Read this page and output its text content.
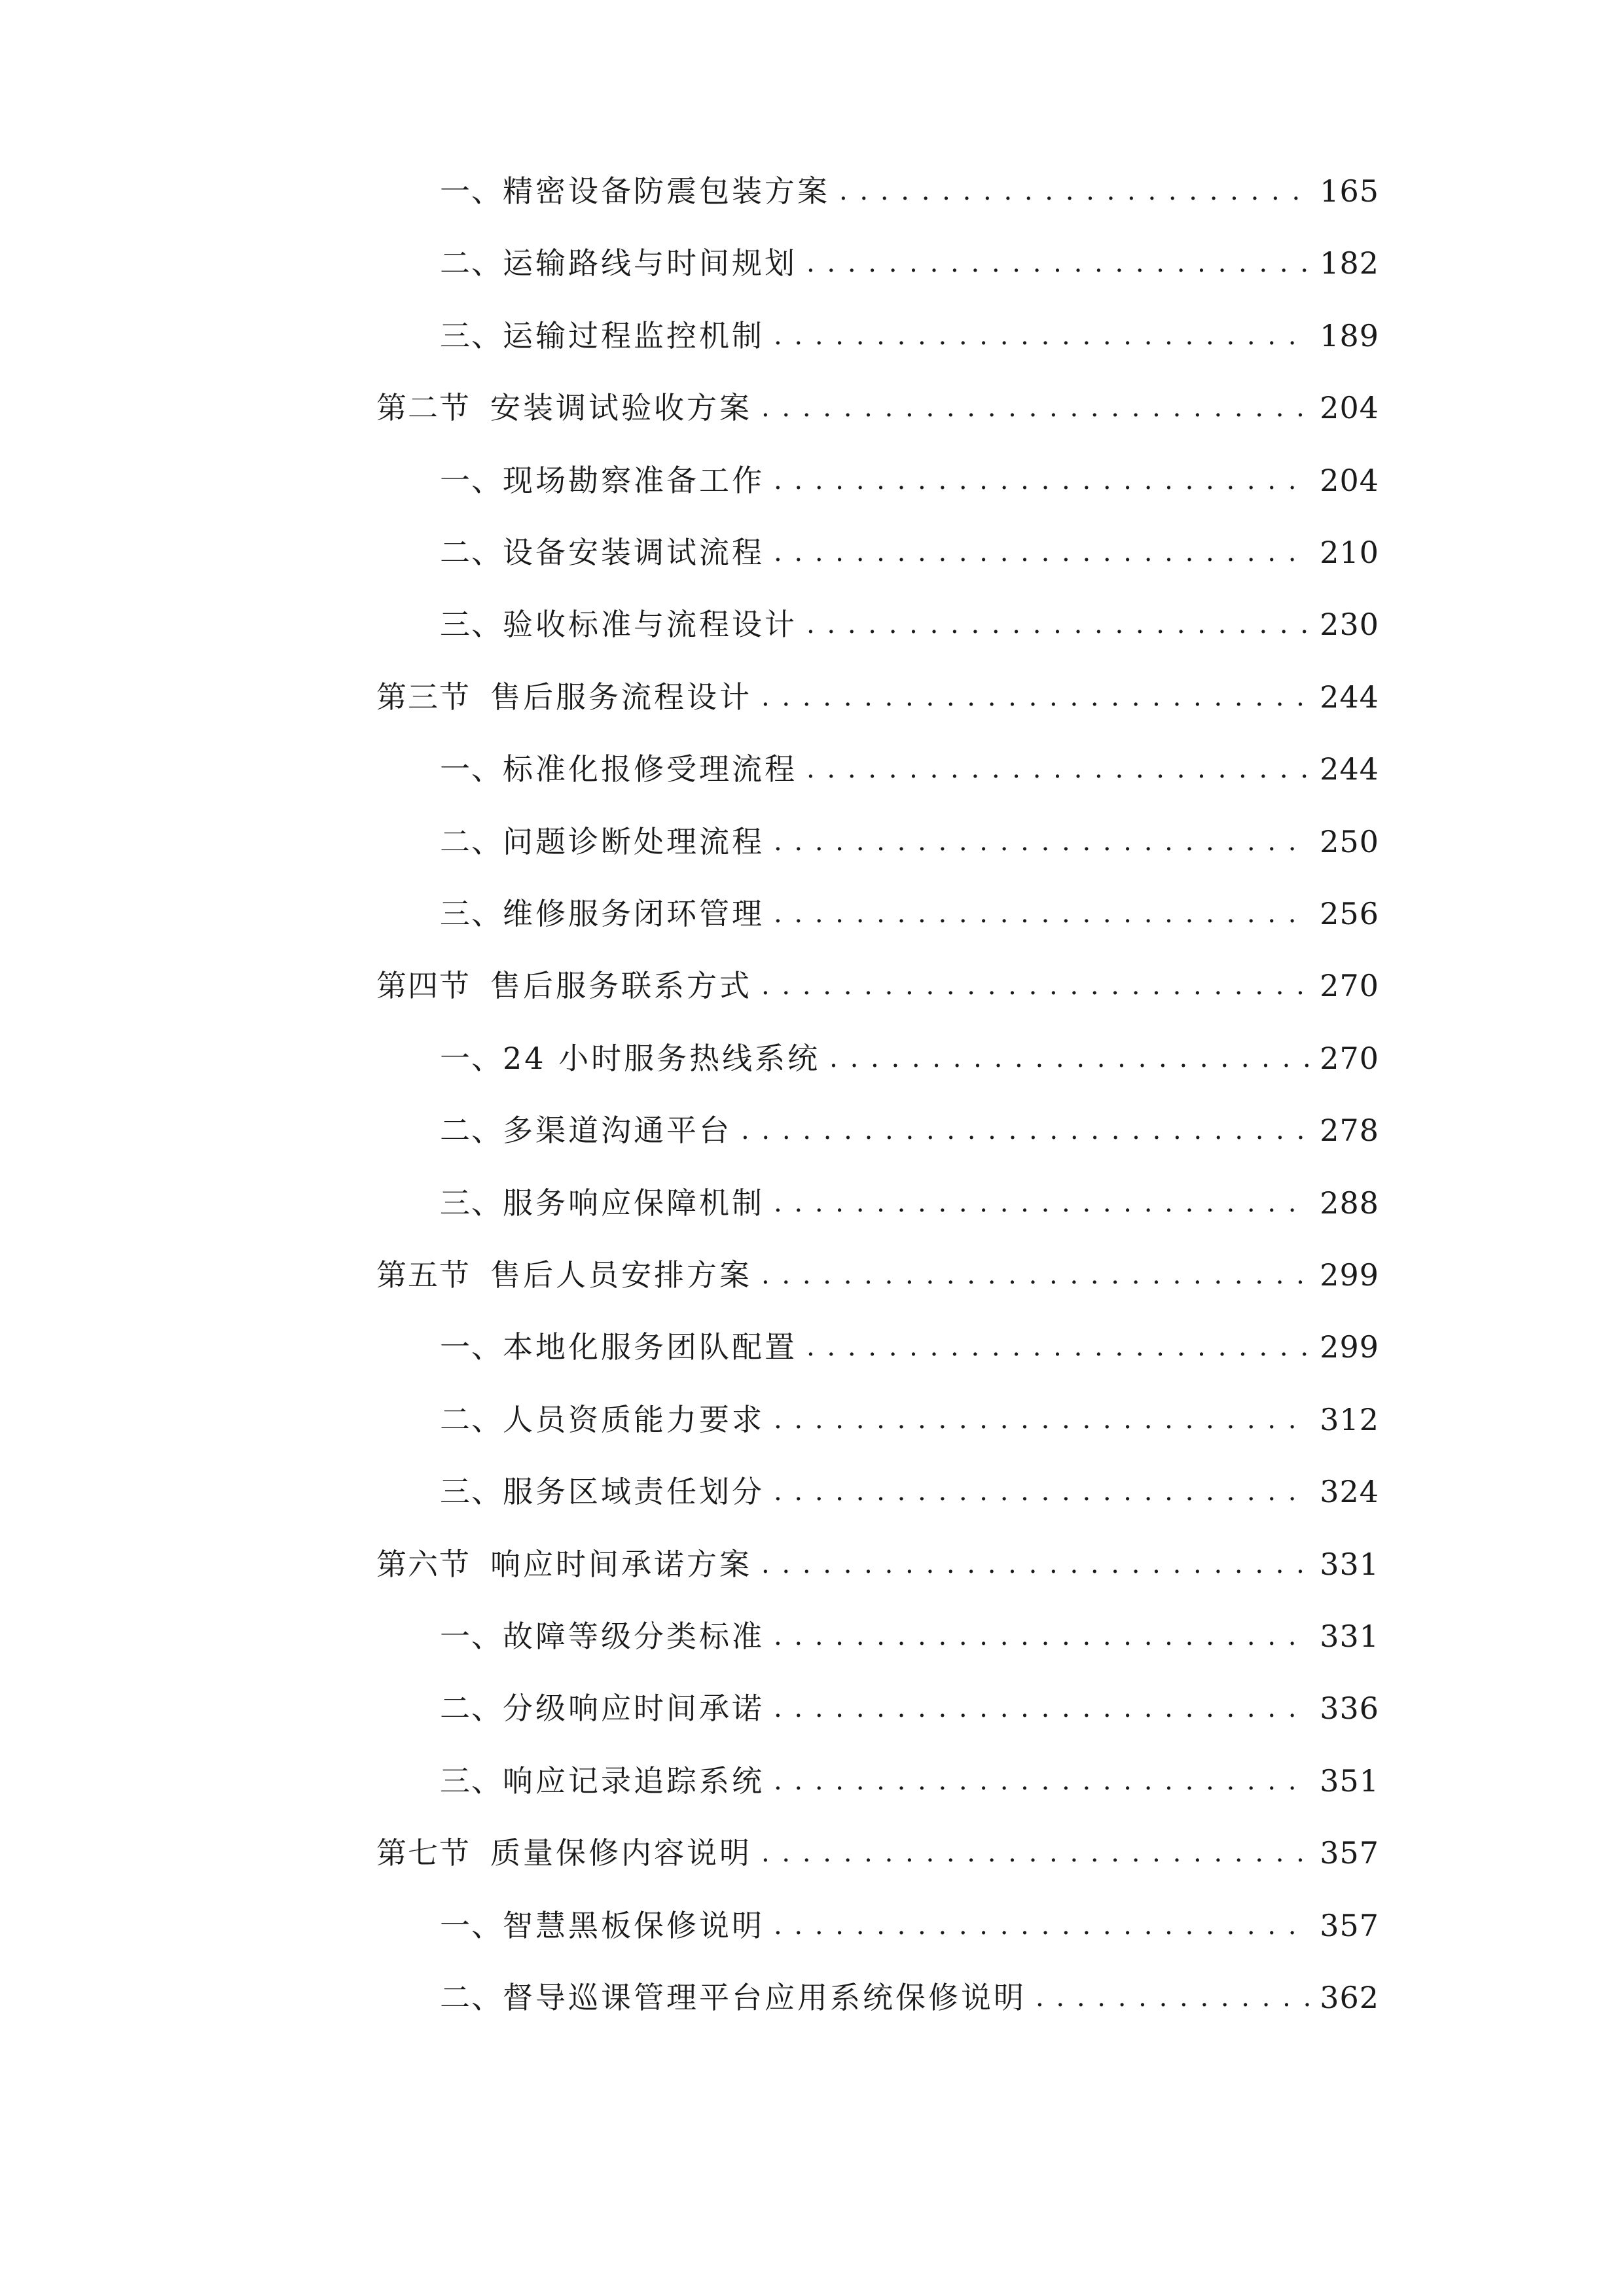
一、 精密设备防震包装方案 . . .	165
二、 运输路线与时间规划 . . .	182
三、 运输过程监控机制 . . .	189
第二节 安装调试验收方案 . . .	204
一、 现场勘察准备工作 . . .	204
二、 设备安装调试流程 . . .	210
三、 验收标准与流程设计 . . .	230
第三节 售后服务流程设计 . . .	244
一、 标准化报修受理流程 . . .	244
二、 问题诊断处理流程 . . .	250
三、 维修服务闭环管理 . . .	256
第四节 售后服务联系方式 . . .	270
一、 24 小时服务热线系统 . . .	270
二、 多渠道沟通平台 . . .	278
三、 服务响应保障机制 . . .	288
第五节 售后人员安排方案 . . .	299
一、 本地化服务团队配置 . . .	299
二、 人员资质能力要求 . . .	312
三、 服务区域责任划分 . . .	324
第六节 响应时间承诺方案 . . .	331
一、 故障等级分类标准 . . .	331
二、 分级响应时间承诺 . . .	336
三、 响应记录追踪系统 . . .	351
第七节 质量保修内容说明 . . .	357
一、 智慧黑板保修说明 . . .	357
二、 督导巡课管理平台应用系统保修说明 . . .	362
